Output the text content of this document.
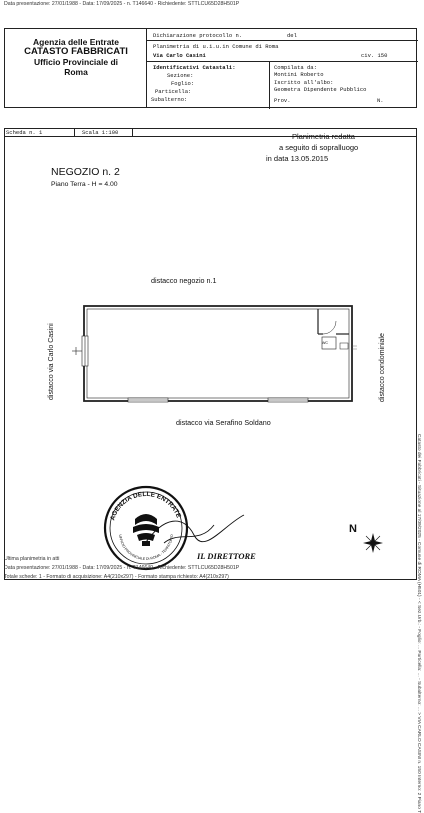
Data presentazione: 27/01/1988 - Data: 17/09/2025 - n. T146640 - Richiedente: STTLCU65D28H501P
Agenzia delle Entrate
CATASTO FABBRICATI
Ufficio Provinciale di
Roma
Dichiarazione protocollo n.	del
Planimetria di u.i.u.in Comune di Roma
Via Carlo Casini	civ. 150
Identificativi Catastali:
Sezione:
Foglio:
Particella:
Subalterno:
Compilata da:
Montini Roberto
Iscritto all'albo:
Geometra Dipendente Pubblico
Prov.	N.
Scheda n. 1	Scala 1:100	Planimetria redatta
a seguito di sopralluogo
in data 13.05.2015
NEGOZIO n. 2
Piano Terra - H = 4.00
WC
distacco negozio n.1
distacco via Serafino Soldano
distacco via Carlo Casini	distacco condominiale
AGENZIA DELLE ENTRATE
UFFICIO PROVINCIALE DI ROMA - TERRITORIO
IL DIRETTORE
N
Ultima planimetria in atti
Data presentazione: 27/01/1988 - Data: 17/09/2025 - n. T146640 - Richiedente: STTLCU65D28H501P
Totale schede: 1 - Formato di acquisizione: A4(210x297) - Formato stampa richiesto: A4(210x297)	Catasto dei Fabbricati - Situazione al 17/09/2025 - Comune di ROMA (H501) - < Sez.Urb.: - Foglio: ... Particella: ... - Subalterno: ... > VIA CARLO CASINI n. 150 Interno: 2 Piano T
